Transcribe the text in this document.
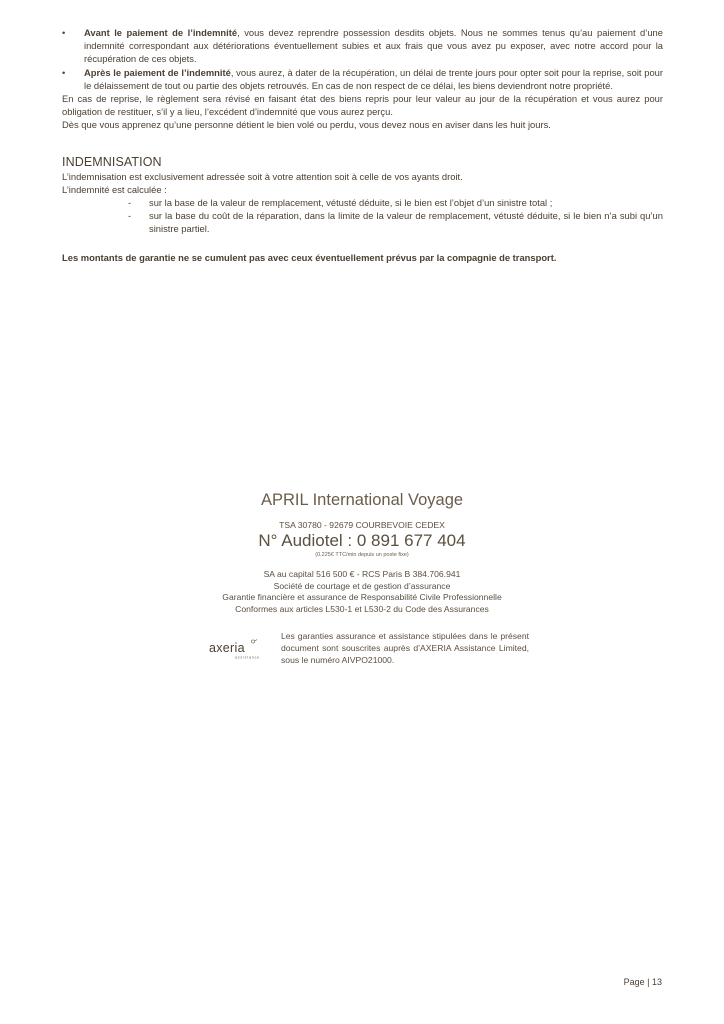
•	Avant le paiement de l’indemnité, vous devez reprendre possession desdits objets. Nous ne sommes tenus qu’au paiement d’une indemnité correspondant aux détériorations éventuellement subies et aux frais que vous avez pu exposer, avec notre accord pour la récupération de ces objets.
•	Après le paiement de l’indemnité, vous aurez, à dater de la récupération, un délai de trente jours pour opter soit pour la reprise, soit pour le délaissement de tout ou partie des objets retrouvés. En cas de non respect de ce délai, les biens deviendront notre propriété.

En cas de reprise, le règlement sera révisé en faisant état des biens repris pour leur valeur au jour de la récupération et vous aurez pour obligation de restituer, s’il y a lieu, l’excédent d’indemnité que vous aurez perçu.

Dès que vous apprenez qu’une personne détient le bien volé ou perdu, vous devez nous en aviser dans les huit jours.

INDEMNISATION

L’indemnisation est exclusivement adressée soit à votre attention soit à celle de vos ayants droit.

L’indemnité est calculée :

- sur la base de la valeur de remplacement, vétusté déduite, si le bien est l’objet d’un sinistre total ;
- sur la base du coût de la réparation, dans la limite de la valeur de remplacement, vétusté déduite, si le bien n’a subi qu’un sinistre partiel.

Les montants de garantie ne se cumulent pas avec ceux éventuellement prévus par la compagnie de transport.

APRIL International Voyage
TSA 30780 - 92679 COURBEVOIE CEDEX
N° Audiotel : 0 891 677 404
(0,225€ TTC/min depuis un poste fixe)
SA au capital 516 500 € - RCS Paris B 384.706.941
Société de courtage et de gestion d’assurance
Garantie financière et assurance de Responsabilité Civile Professionnelle
Conformes aux articles L530-1 et L530-2 du Code des Assurances
axeria
assistance
Les garanties assurance et assistance stipulées dans le présent document sont souscrites auprès d’AXERIA Assistance Limited, sous le numéro AIVPO21000.
Page | 13
